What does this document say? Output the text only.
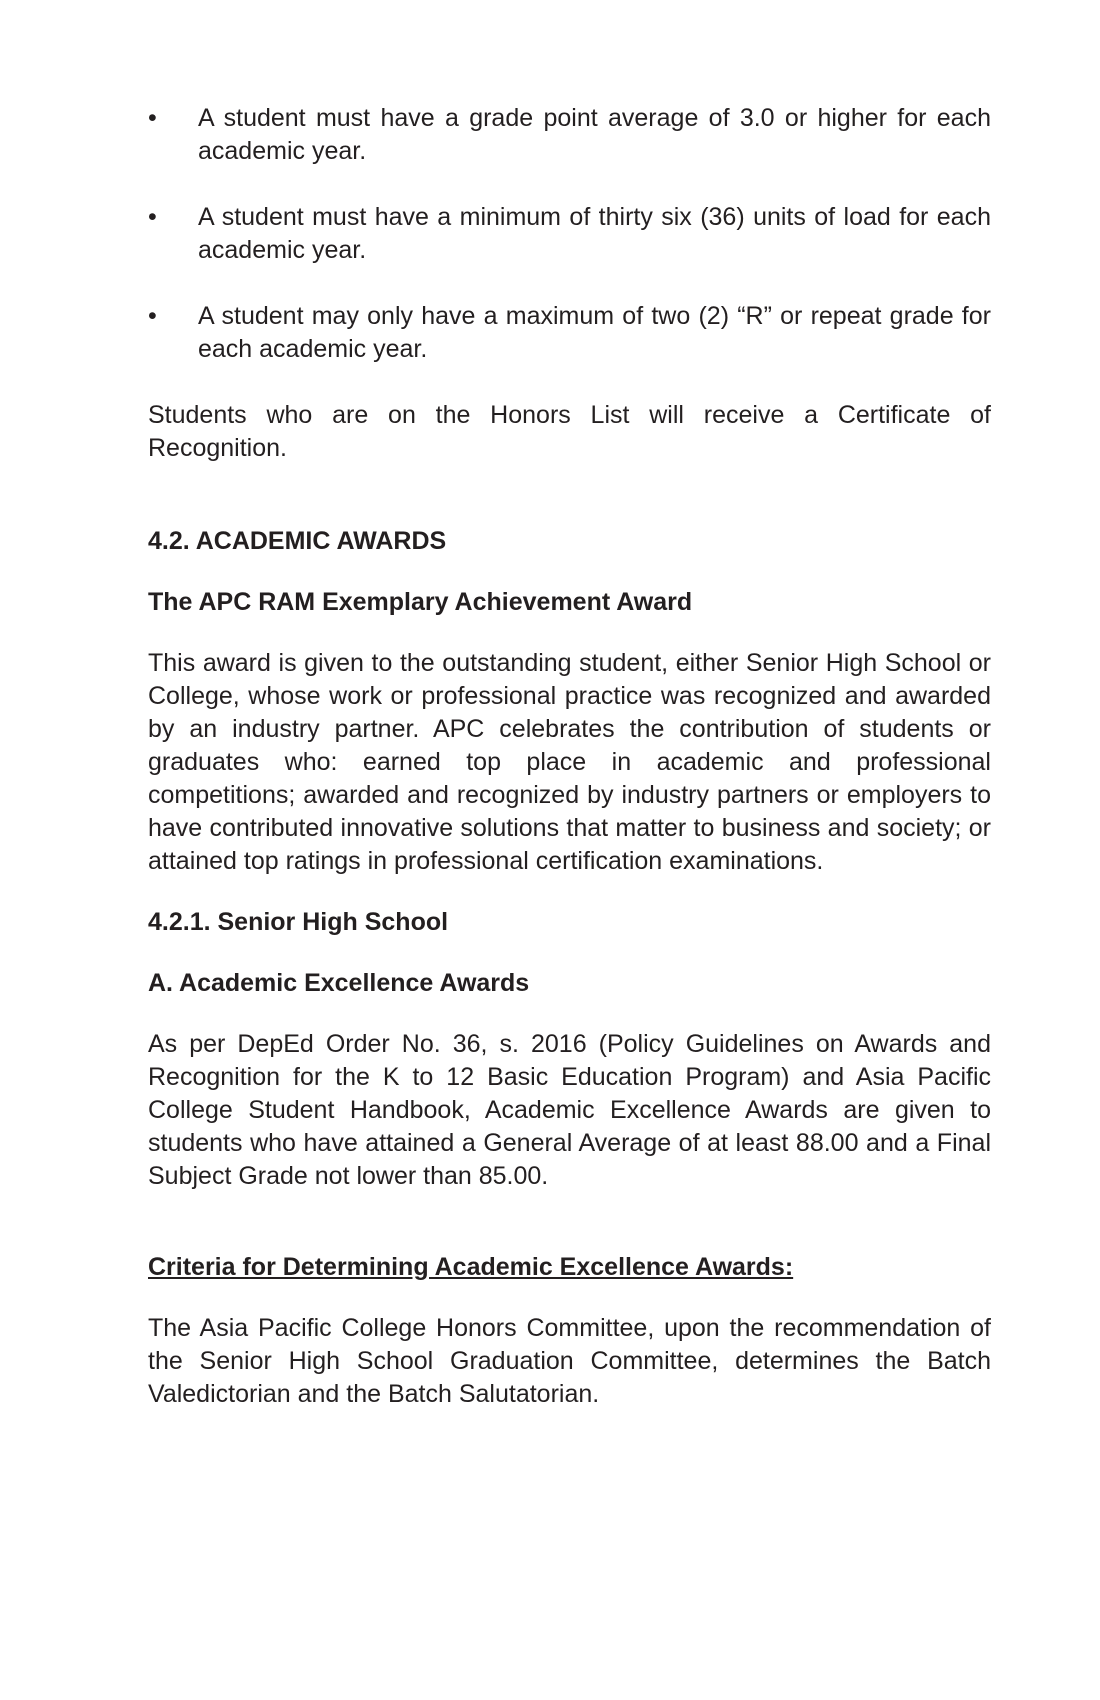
•	A student must have a grade point average of 3.0 or higher for each academic year.
•	A student must have a minimum of thirty six (36) units of load for each academic year.
•	A student may only have a maximum of two (2) “R” or repeat grade for each academic year.

Students who are on the Honors List will receive a Certificate of Recognition.

4.2. ACADEMIC AWARDS
The APC RAM Exemplary Achievement Award

This award is given to the outstanding student, either Senior High School or College, whose work or professional practice was recognized and awarded by an industry partner. APC celebrates the contribution of students or graduates who: earned top place in academic and professional competitions; awarded and recognized by industry partners or employers to have contributed innovative solutions that matter to business and society; or attained top ratings in professional certification examinations.

4.2.1. Senior High School
A. Academic Excellence Awards

As per DepEd Order No. 36, s. 2016 (Policy Guidelines on Awards and Recognition for the K to 12 Basic Education Program) and Asia Pacific College Student Handbook, Academic Excellence Awards are given to students who have attained a General Average of at least 88.00 and a Final Subject Grade not lower than 85.00.

Criteria for Determining Academic Excellence Awards:

The Asia Pacific College Honors Committee, upon the recommendation of the Senior High School Graduation Committee, determines the Batch Valedictorian and the Batch Salutatorian.
